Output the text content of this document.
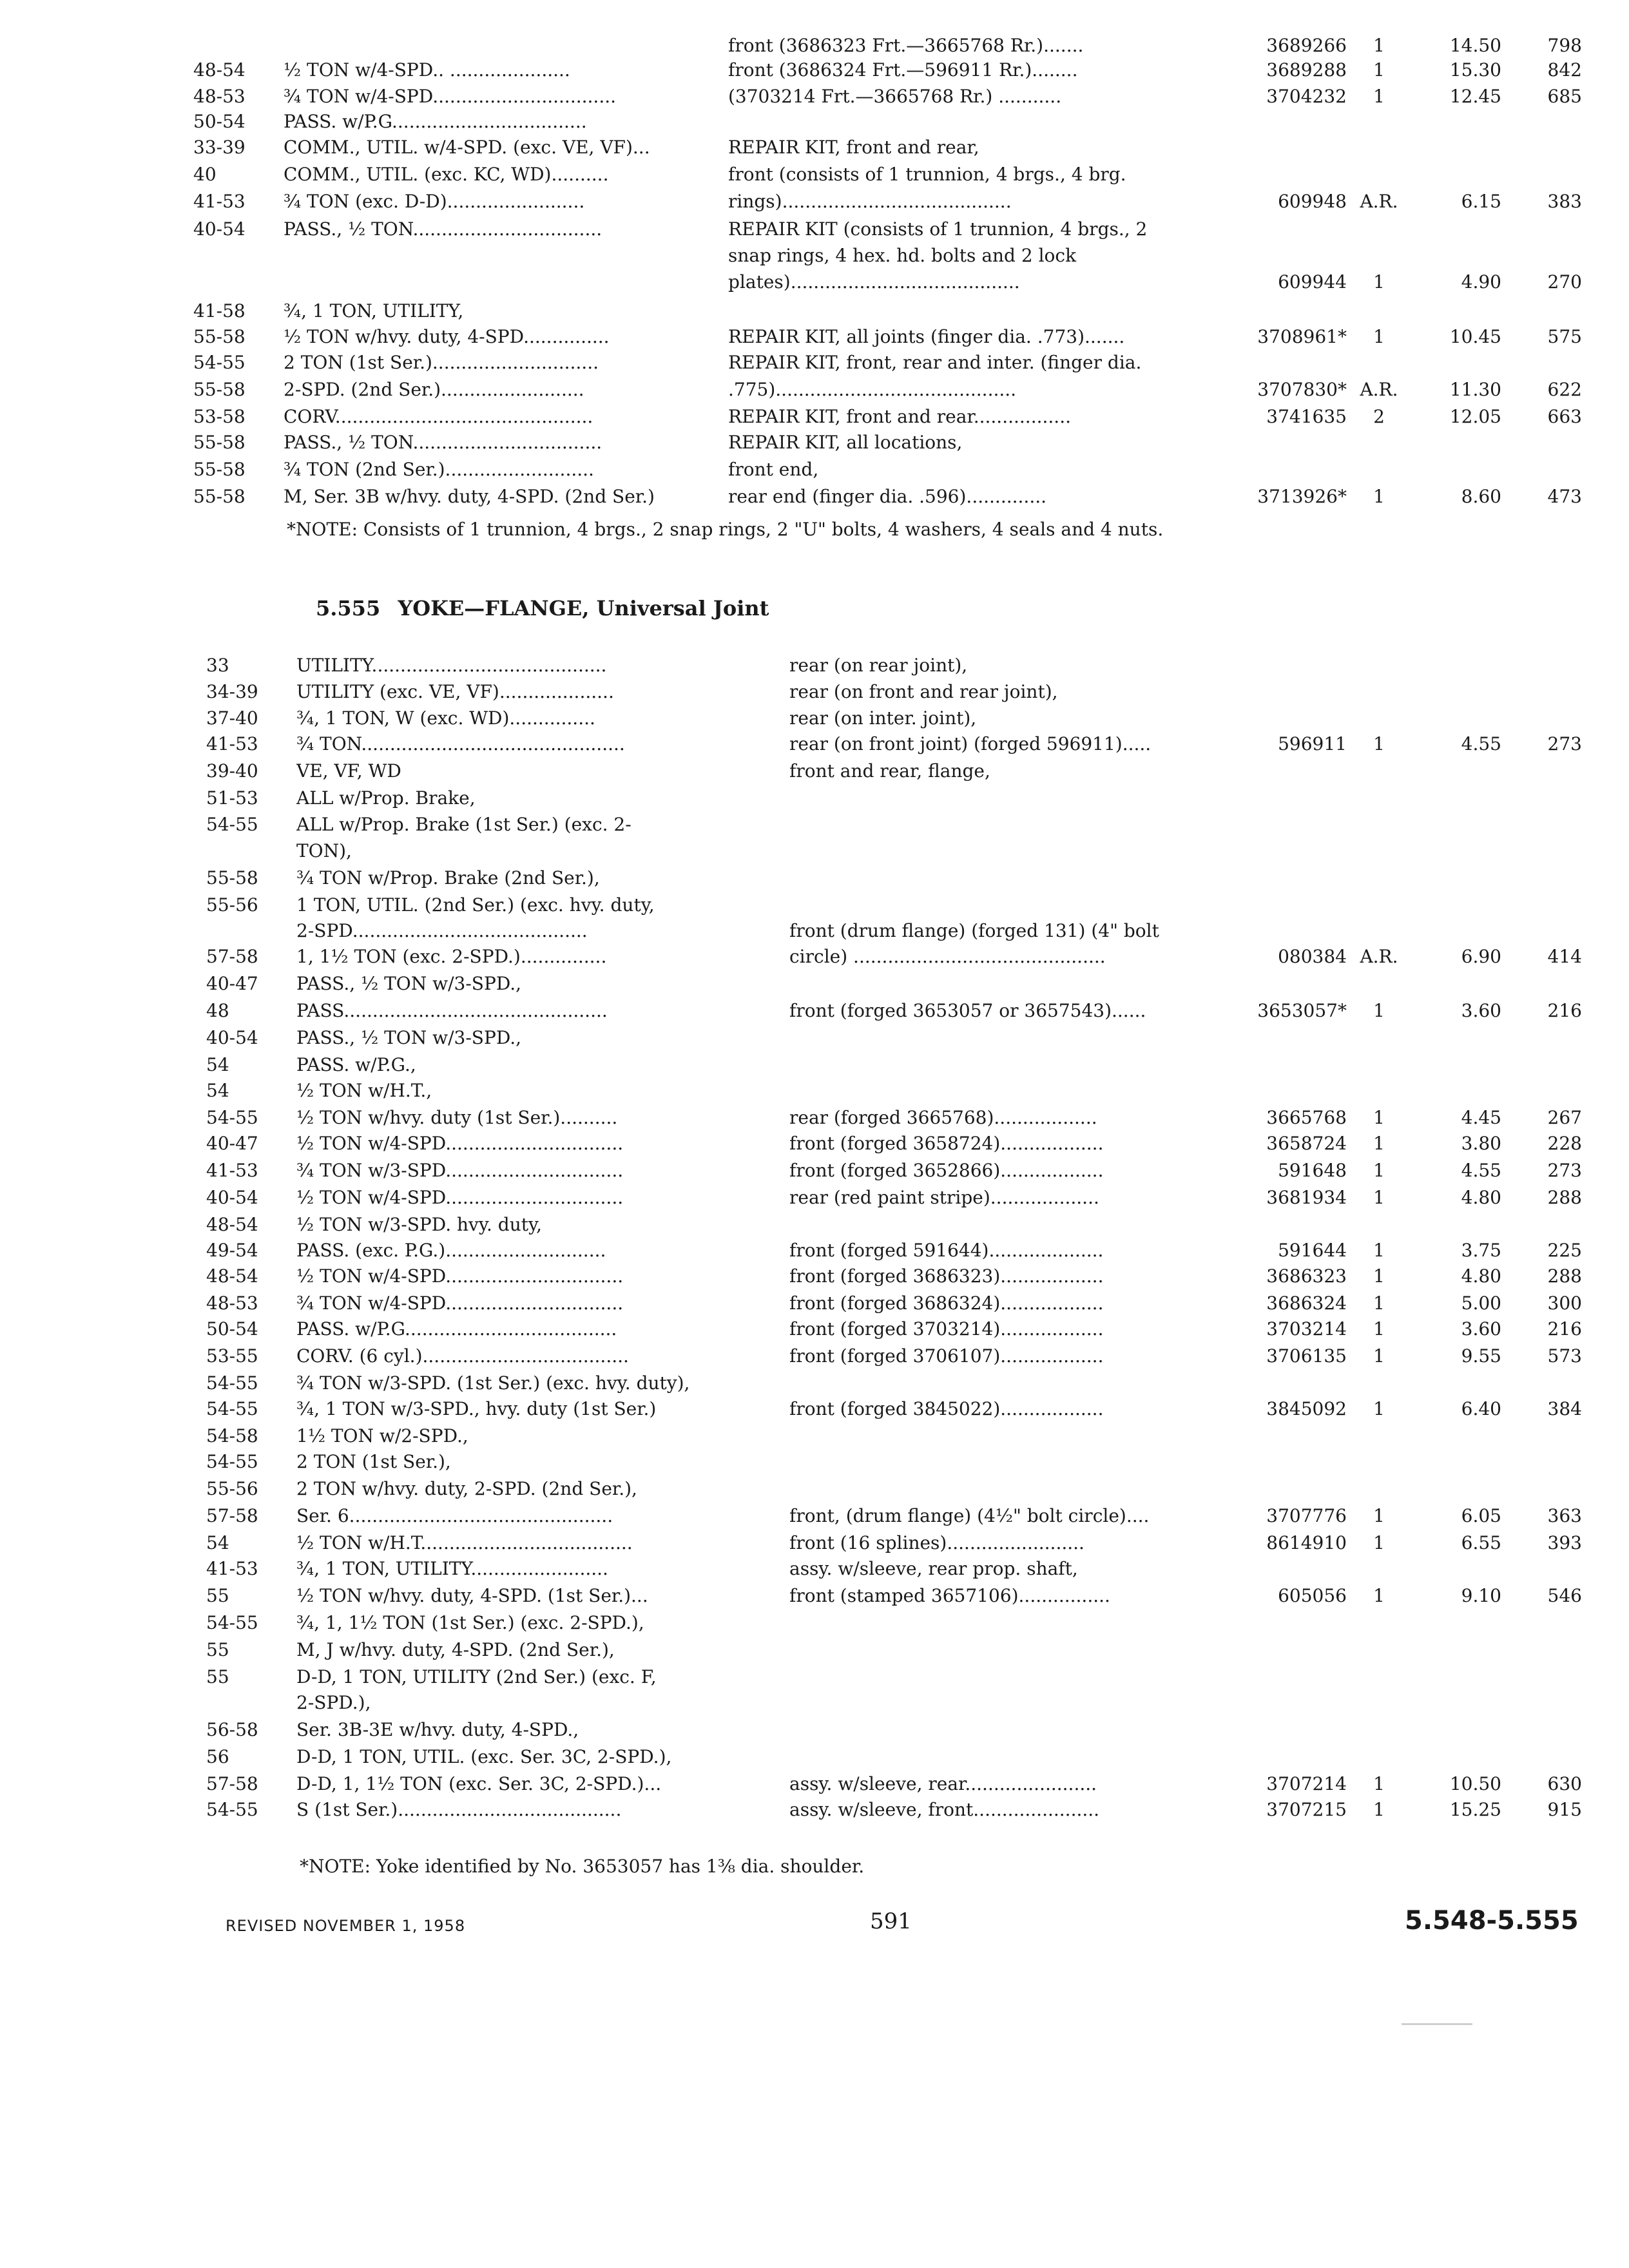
front (3686323 Frt.—3665768 Rr.).......	3689266	1	14.50	798
48-54	½ TON w/4-SPD.. .....................	front (3686324 Frt.—596911 Rr.)........	3689288	1	15.30	842
48-53	¾ TON w/4-SPD................................	(3703214 Frt.—3665768 Rr.) ...........	3704232	1	12.45	685
50-54	PASS. w/P.G..................................
33-39	COMM., UTIL. w/4-SPD. (exc. VE, VF)...	REPAIR KIT, front and rear,
40	COMM., UTIL. (exc. KC, WD)..........	front (consists of 1 trunnion, 4 brgs., 4 brg.
41-53	¾ TON (exc. D-D)........................	rings)........................................	609948 A.R.	6.15	383
40-54	PASS., ½ TON.................................	REPAIR KIT (consists of 1 trunnion, 4 brgs., 2
snap rings, 4 hex. hd. bolts and 2 lock
plates)........................................	609944	1	4.90	270
41-58	¾, 1 TON, UTILITY,
55-58	½ TON w/hvy. duty, 4-SPD...............	REPAIR KIT, all joints (finger dia. .773).......	3708961*	1	10.45	575
54-55	2 TON (1st Ser.).............................	REPAIR KIT, front, rear and inter. (finger dia.
55-58	2-SPD. (2nd Ser.).........................	.775)..........................................	3707830* A.R.	11.30	622
53-58	CORV.............................................	REPAIR KIT, front and rear.................	3741635	2	12.05	663
55-58	PASS., ½ TON.................................	REPAIR KIT, all locations,
55-58	¾ TON (2nd Ser.)..........................	front end,
55-58	M, Ser. 3B w/hvy. duty, 4-SPD. (2nd Ser.)	rear end (finger dia. .596)..............	3713926*	1	8.60	473
*NOTE: Consists of 1 trunnion, 4 brgs., 2 snap rings, 2 "U" bolts, 4 washers, 4 seals and 4 nuts.
5.555 YOKE—FLANGE, Universal Joint
33	UTILITY.........................................	rear (on rear joint),
34-39	UTILITY (exc. VE, VF)....................	rear (on front and rear joint),
37-40	¾, 1 TON, W (exc. WD)...............	rear (on inter. joint),
41-53	¾ TON..............................................	rear (on front joint) (forged 596911).....	596911	1	4.55	273
39-40	VE, VF, WD	front and rear, flange,
51-53	ALL w/Prop. Brake,
54-55	ALL w/Prop. Brake (1st Ser.) (exc. 2-
TON),
55-58	¾ TON w/Prop. Brake (2nd Ser.),
55-56	1 TON, UTIL. (2nd Ser.) (exc. hvy. duty,
2-SPD.........................................	front (drum flange) (forged 131) (4" bolt
57-58	1, 1½ TON (exc. 2-SPD.)...............	circle) ............................................	080384 A.R.	6.90	414
40-47	PASS., ½ TON w/3-SPD.,
48	PASS..............................................	front (forged 3653057 or 3657543)......	3653057*	1	3.60	216
40-54	PASS., ½ TON w/3-SPD.,
54	PASS. w/P.G.,
54	½ TON w/H.T.,
54-55	½ TON w/hvy. duty (1st Ser.)..........	rear (forged 3665768)..................	3665768	1	4.45	267
40-47	½ TON w/4-SPD...............................	front (forged 3658724)..................	3658724	1	3.80	228
41-53	¾ TON w/3-SPD...............................	front (forged 3652866)..................	591648	1	4.55	273
40-54	½ TON w/4-SPD...............................	rear (red paint stripe)...................	3681934	1	4.80	288
48-54	½ TON w/3-SPD. hvy. duty,
49-54	PASS. (exc. P.G.)............................	front (forged 591644)....................	591644	1	3.75	225
48-54	½ TON w/4-SPD...............................	front (forged 3686323)..................	3686323	1	4.80	288
48-53	¾ TON w/4-SPD...............................	front (forged 3686324)..................	3686324	1	5.00	300
50-54	PASS. w/P.G.....................................	front (forged 3703214)..................	3703214	1	3.60	216
53-55	CORV. (6 cyl.)....................................	front (forged 3706107)..................	3706135	1	9.55	573
54-55	¾ TON w/3-SPD. (1st Ser.) (exc. hvy. duty),
54-55	¾, 1 TON w/3-SPD., hvy. duty (1st Ser.)	front (forged 3845022)..................	3845092	1	6.40	384
54-58	1½ TON w/2-SPD.,
54-55	2 TON (1st Ser.),
55-56	2 TON w/hvy. duty, 2-SPD. (2nd Ser.),
57-58	Ser. 6..............................................	front, (drum flange) (4½" bolt circle)....	3707776	1	6.05	363
54	½ TON w/H.T.....................................	front (16 splines)........................	8614910	1	6.55	393
41-53	¾, 1 TON, UTILITY........................	assy. w/sleeve, rear prop. shaft,
55	½ TON w/hvy. duty, 4-SPD. (1st Ser.)...	front (stamped 3657106)................	605056	1	9.10	546
54-55	¾, 1, 1½ TON (1st Ser.) (exc. 2-SPD.),
55	M, J w/hvy. duty, 4-SPD. (2nd Ser.),
55	D-D, 1 TON, UTILITY (2nd Ser.) (exc. F,
2-SPD.),
56-58	Ser. 3B-3E w/hvy. duty, 4-SPD.,
56	D-D, 1 TON, UTIL. (exc. Ser. 3C, 2-SPD.),
57-58	D-D, 1, 1½ TON (exc. Ser. 3C, 2-SPD.)...	assy. w/sleeve, rear.......................	3707214	1	10.50	630
54-55	S (1st Ser.).......................................	assy. w/sleeve, front......................	3707215	1	15.25	915
*NOTE: Yoke identified by No. 3653057 has 1⅜ dia. shoulder.
REVISED NOVEMBER 1, 1958	591	5.548-5.555
